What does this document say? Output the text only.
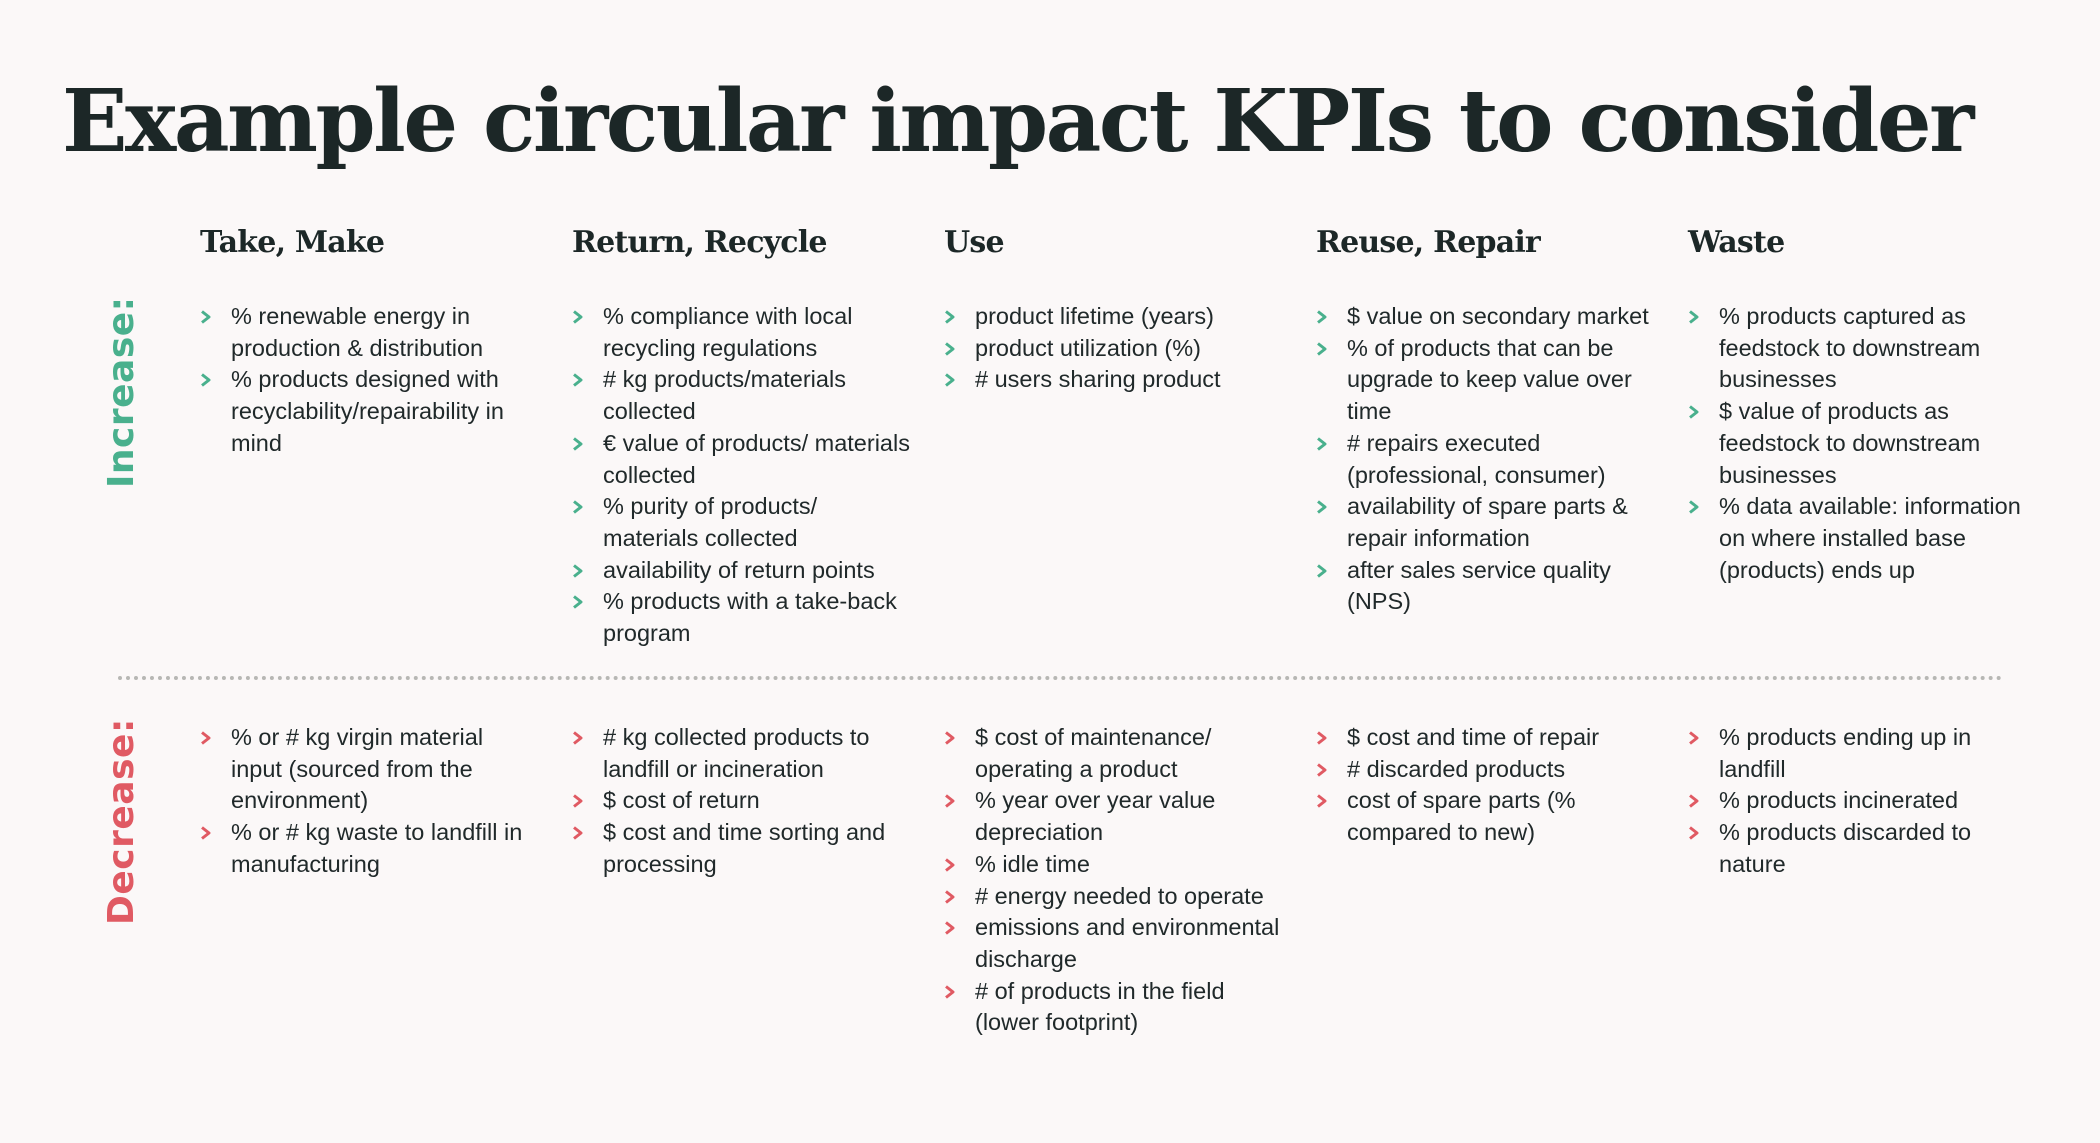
Example circular impact KPIs to consider
Increase:
Decrease:
Take, Make
% renewable energy in production & distribution
% products designed with recyclability/repairability in mind
% or # kg virgin material input (sourced from the environment)
% or # kg waste to landfill in manufacturing
Return, Recycle
% compliance with local recycling regulations
# kg products/materials collected
€ value of products/ materials collected
% purity of products/ materials collected
availability of return points
% products with a take-back program
# kg collected products to landfill or incineration
$ cost of return
$ cost and time sorting and processing
Use
product lifetime (years)
product utilization (%)
# users sharing product
$ cost of maintenance/ operating a product
% year over year value depreciation
% idle time
# energy needed to operate
emissions and environmental discharge
# of products in the field (lower footprint)
Reuse, Repair
$ value on secondary market
% of products that can be upgrade to keep value over time
# repairs executed (professional, consumer)
availability of spare parts & repair information
after sales service quality (NPS)
$ cost and time of repair
# discarded products
cost of spare parts (% compared to new)
Waste
% products captured as feedstock to downstream businesses
$ value of products as feedstock to downstream businesses
% data available: information on where installed base (products) ends up
% products ending up in landfill
% products incinerated
% products discarded to nature
